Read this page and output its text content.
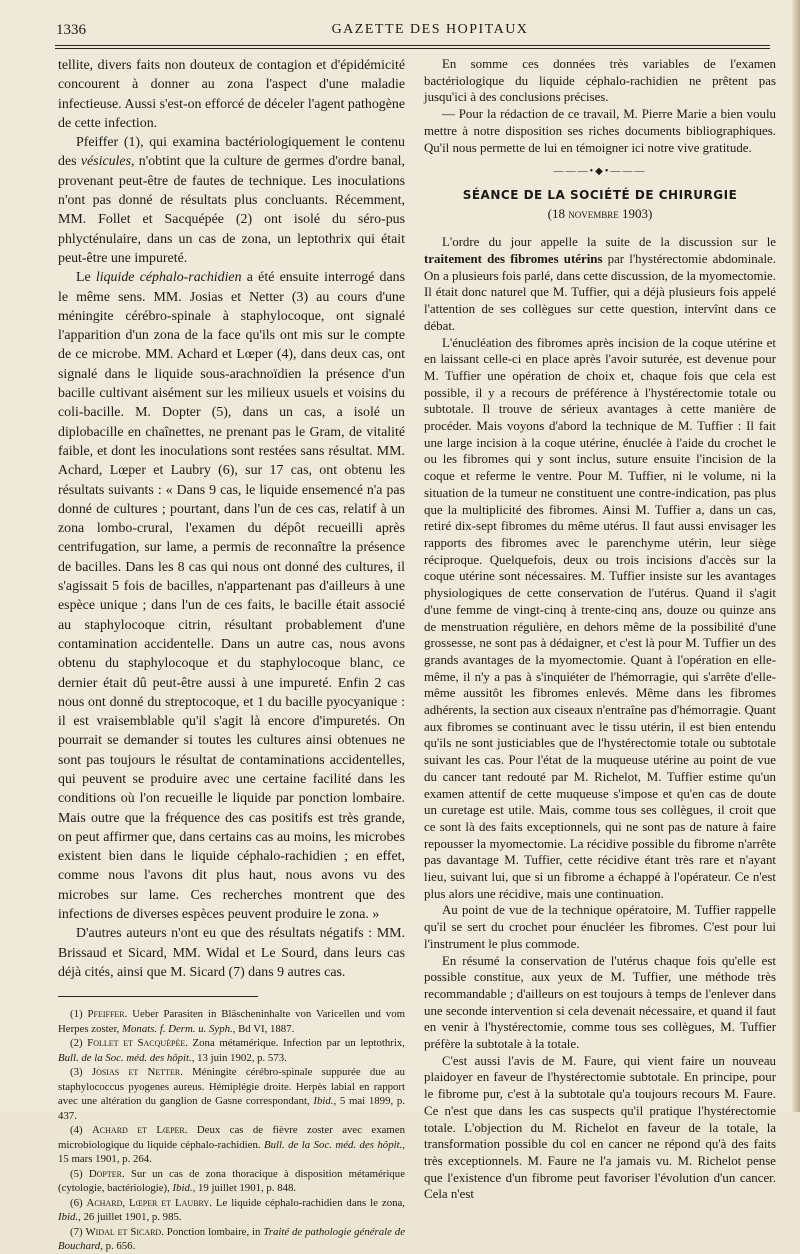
1336	GAZETTE DES HOPITAUX

tellite, divers faits non douteux de contagion et d'épidémicité concourent à donner au zona l'aspect d'une maladie infectieuse. Aussi s'est-on efforcé de déceler l'agent pathogène de cette infection.

Pfeiffer (1), qui examina bactériologiquement le contenu des vésicules, n'obtint que la culture de germes d'ordre banal, provenant peut-être de fautes de technique. Les inoculations n'ont pas donné de résultats plus concluants. Récemment, MM. Follet et Sacquépée (2) ont isolé du séro-pus phlycténulaire, dans un cas de zona, un leptothrix qui était peut-être une impureté.

Le liquide céphalo-rachidien a été ensuite interrogé dans le même sens. MM. Josias et Netter (3) au cours d'une méningite cérébro-spinale à staphylocoque, ont signalé l'apparition d'un zona de la face qu'ils ont mis sur le compte de ce microbe. MM. Achard et Lœper (4), dans deux cas, ont signalé dans le liquide sous-arachnoïdien la présence d'un bacille cultivant aisément sur les milieux usuels et voisins du coli-bacille. M. Dopter (5), dans un cas, a isolé un diplobacille en chaînettes, ne prenant pas le Gram, de vitalité faible, et dont les inoculations sont restées sans résultat. MM. Achard, Lœper et Laubry (6), sur 17 cas, ont obtenu les résultats suivants : « Dans 9 cas, le liquide ensemencé n'a pas donné de cultures ; pourtant, dans l'un de ces cas, relatif à un zona lombo-crural, l'examen du dépôt recueilli après centrifugation, sur lame, a permis de reconnaître la présence de bacilles. Dans les 8 cas qui nous ont donné des cultures, il s'agissait 5 fois de bacilles, n'appartenant pas d'ailleurs à une espèce unique ; dans l'un de ces faits, le bacille était associé au staphylocoque citrin, résultant probablement d'une contamination accidentelle. Dans un autre cas, nous avons obtenu du staphylocoque et du staphylocoque blanc, ce dernier était dû peut-être aussi à une impureté. Enfin 2 cas nous ont donné du streptocoque, et 1 du bacille pyocyanique : il est vraisemblable qu'il s'agit là encore d'impuretés. On pourrait se demander si toutes les cultures ainsi obtenues ne sont pas toujours le résultat de contaminations accidentelles, qui peuvent se produire avec une certaine facilité dans les conditions où l'on recueille le liquide par ponction lombaire. Mais outre que la fréquence des cas positifs est très grande, on peut affirmer que, dans certains cas au moins, les microbes existent bien dans le liquide céphalo-rachidien ; en effet, comme nous l'avons dit plus haut, nous avons vu des microbes sur lame. Ces recherches montrent que des infections de diverses espèces peuvent produire le zona. »

D'autres auteurs n'ont eu que des résultats négatifs : MM. Brissaud et Sicard, MM. Widal et Le Sourd, dans leurs cas déjà cités, ainsi que M. Sicard (7) dans 9 autres cas.

(1) Pfeiffer. Ueber Parasiten in Bläscheninhalte von Varicellen und vom Herpes zoster, Monats. f. Derm. u. Syph., Bd VI, 1887.

(2) Follet et Sacquépée. Zona métamérique. Infection par un leptothrix, Bull. de la Soc. méd. des hôpit., 13 juin 1902, p. 573.

(3) Josias et Netter. Méningite cérébro-spinale suppurée due au staphylococcus pyogenes aureus. Hémiplégie droite. Herpès labial en rapport avec une altération du ganglion de Gasne correspondant, Ibid., 5 mai 1899, p. 437.

(4) Achard et Lœper. Deux cas de fièvre zoster avec examen microbiologique du liquide céphalo-rachidien. Bull. de la Soc. méd. des hôpit., 15 mars 1901, p. 264.

(5) Dopter. Sur un cas de zona thoracique à disposition métamérique (cytologie, bactériologie), Ibid., 19 juillet 1901, p. 848.

(6) Achard, Lœper et Laubry. Le liquide céphalo-rachidien dans le zona, Ibid., 26 juillet 1901, p. 985.

(7) Widal et Sicard. Ponction lombaire, in Traité de pathologie générale de Bouchard, p. 656.

En somme ces données très variables de l'examen bactériologique du liquide céphalo-rachidien ne prêtent pas jusqu'ici à des conclusions précises.

— Pour la rédaction de ce travail, M. Pierre Marie a bien voulu mettre à notre disposition ses riches documents bibliographiques. Qu'il nous permette de lui en témoigner ici notre vive gratitude.

———•◆•———
SÉANCE DE LA SOCIÉTÉ DE CHIRURGIE
(18 novembre 1903)

L'ordre du jour appelle la suite de la discussion sur le traitement des fibromes utérins par l'hystérectomie abdominale. On a plusieurs fois parlé, dans cette discussion, de la myomectomie. Il était donc naturel que M. Tuffier, qui a déjà plusieurs fois appelé l'attention de ses collègues sur cette question, intervînt dans ce débat.

L'énucléation des fibromes après incision de la coque utérine et en laissant celle-ci en place après l'avoir suturée, est devenue pour M. Tuffier une opération de choix et, chaque fois que cela est possible, il y a recours de préférence à l'hystérectomie totale ou subtotale. Il trouve de sérieux avantages à cette manière de procéder. Mais voyons d'abord la technique de M. Tuffier : Il fait une large incision à la coque utérine, énuclée à l'aide du crochet le ou les fibromes qui y sont inclus, suture ensuite l'incision de la coque et referme le ventre. Pour M. Tuffier, ni le volume, ni la situation de la tumeur ne constituent une contre-indication, pas plus que la multiplicité des fibromes. Ainsi M. Tuffier a, dans un cas, retiré dix-sept fibromes du même utérus. Il faut aussi envisager les rapports des fibromes avec le parenchyme utérin, leur siège réciproque. Quelquefois, deux ou trois incisions d'accès sur la coque utérine sont nécessaires. M. Tuffier insiste sur les avantages physiologiques de cette conservation de l'utérus. Quand il s'agit d'une femme de vingt-cinq à trente-cinq ans, douze ou quinze ans de menstruation régulière, en dehors même de la possibilité d'une grossesse, ne sont pas à dédaigner, et c'est là pour M. Tuffier un des grands avantages de la myomectomie. Quant à l'opération en elle-même, il n'y a pas à s'inquiéter de l'hémorragie, qui s'arrête d'elle-même aussitôt les fibromes enlevés. Même dans les fibromes adhérents, la section aux ciseaux n'entraîne pas d'hémorragie. Quant aux fibromes se continuant avec le tissu utérin, il est bien entendu qu'ils ne sont justiciables que de l'hystérectomie totale ou subtotale suivant les cas. Pour l'état de la muqueuse utérine au point de vue du cancer tant redouté par M. Richelot, M. Tuffier estime qu'un examen attentif de cette muqueuse s'impose et qu'en cas de doute un curetage est utile. Mais, comme tous ses collègues, il croit que ce sont là des faits exceptionnels, qui ne sont pas de nature à faire repousser la myomectomie. La récidive possible du fibrome n'arrête pas davantage M. Tuffier, cette récidive étant très rare et n'ayant lieu, suivant lui, que si un fibrome a échappé à l'opérateur. Ce n'est plus alors une récidive, mais une continuation.

Au point de vue de la technique opératoire, M. Tuffier rappelle qu'il se sert du crochet pour énucléer les fibromes. C'est pour lui l'instrument le plus commode.

En résumé la conservation de l'utérus chaque fois qu'elle est possible constitue, aux yeux de M. Tuffier, une méthode très recommandable ; d'ailleurs on est toujours à temps de l'enlever dans une seconde intervention si cela devenait nécessaire, et quand il faut en venir à l'hystérectomie, comme tous ses collègues, M. Tuffier préfère la subtotale à la totale.

C'est aussi l'avis de M. Faure, qui vient faire un nouveau plaidoyer en faveur de l'hystérectomie subtotale. En principe, pour le fibrome pur, c'est à la subtotale qu'a toujours recours M. Faure. Ce n'est que dans les cas suspects qu'il pratique l'hystérectomie totale. L'objection du M. Richelot en faveur de la totale, la transformation possible du col en cancer ne répond qu'à des faits très exceptionnels. M. Faure ne l'a jamais vu. M. Richelot pense que l'existence d'un fibrome peut favoriser l'évolution d'un cancer. Cela n'est
